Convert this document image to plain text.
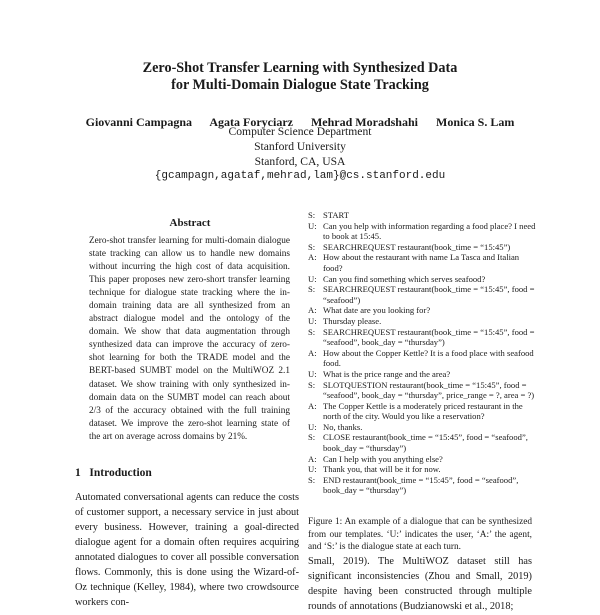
Zero-Shot Transfer Learning with Synthesized Data
for Multi-Domain Dialogue State Tracking
Giovanni Campagna Agata Foryciarz Mehrad Moradshahi Monica S. Lam
Computer Science Department
Stanford University
Stanford, CA, USA
{gcampagn,agataf,mehrad,lam}@cs.stanford.edu
Abstract
Zero-shot transfer learning for multi-domain dialogue state tracking can allow us to handle new domains without incurring the high cost of data acquisition. This paper proposes new zero-short transfer learning technique for dialogue state tracking where the in-domain training data are all synthesized from an abstract dialogue model and the ontology of the domain. We show that data augmentation through synthesized data can improve the accuracy of zero-shot learning for both the TRADE model and the BERT-based SUMBT model on the MultiWOZ 2.1 dataset. We show training with only synthesized in-domain data on the SUMBT model can reach about 2/3 of the accuracy obtained with the full training dataset. We improve the zero-shot learning state of the art on average across domains by 21%.
1 Introduction
Automated conversational agents can reduce the costs of customer support, a necessary service in just about every business. However, training a goal-directed dialogue agent for a domain often requires acquiring annotated dialogues to cover all possible conversation flows. Commonly, this is done using the Wizard-of-Oz technique (Kelley, 1984), where two crowdsource workers con-
S: START
U: Can you help with information regarding a food place? I need to book at 15:45.
S: SEARCHREQUEST restaurant(book_time = “15:45”)
A: How about the restaurant with name La Tasca and Italian food?
U: Can you find something which serves seafood?
S: SEARCHREQUEST restaurant(book_time = “15:45”, food = “seafood”)
A: What date are you looking for?
U: Thursday please.
S: SEARCHREQUEST restaurant(book_time = “15:45”, food = “seafood”, book_day = “thursday”)
A: How about the Copper Kettle? It is a food place with seafood food.
U: What is the price range and the area?
S: SLOTQUESTION restaurant(book_time = “15:45”, food = “seafood”, book_day = “thursday”, price_range = ?, area = ?)
A: The Copper Kettle is a moderately priced restaurant in the north of the city. Would you like a reservation?
U: No, thanks.
S: CLOSE restaurant(book_time = “15:45”, food = “seafood”, book_day = “thursday”)
A: Can I help with you anything else?
U: Thank you, that will be it for now.
S: END restaurant(book_time = “15:45”, food = “seafood”, book_day = “thursday”)
Figure 1: An example of a dialogue that can be synthesized from our templates. ‘U:’ indicates the user, ‘A:’ the agent, and ‘S:’ is the dialogue state at each turn.
Small, 2019). The MultiWOZ dataset still has significant inconsistencies (Zhou and Small, 2019) despite having been constructed through multiple rounds of annotations (Budzianowski et al., 2018;
